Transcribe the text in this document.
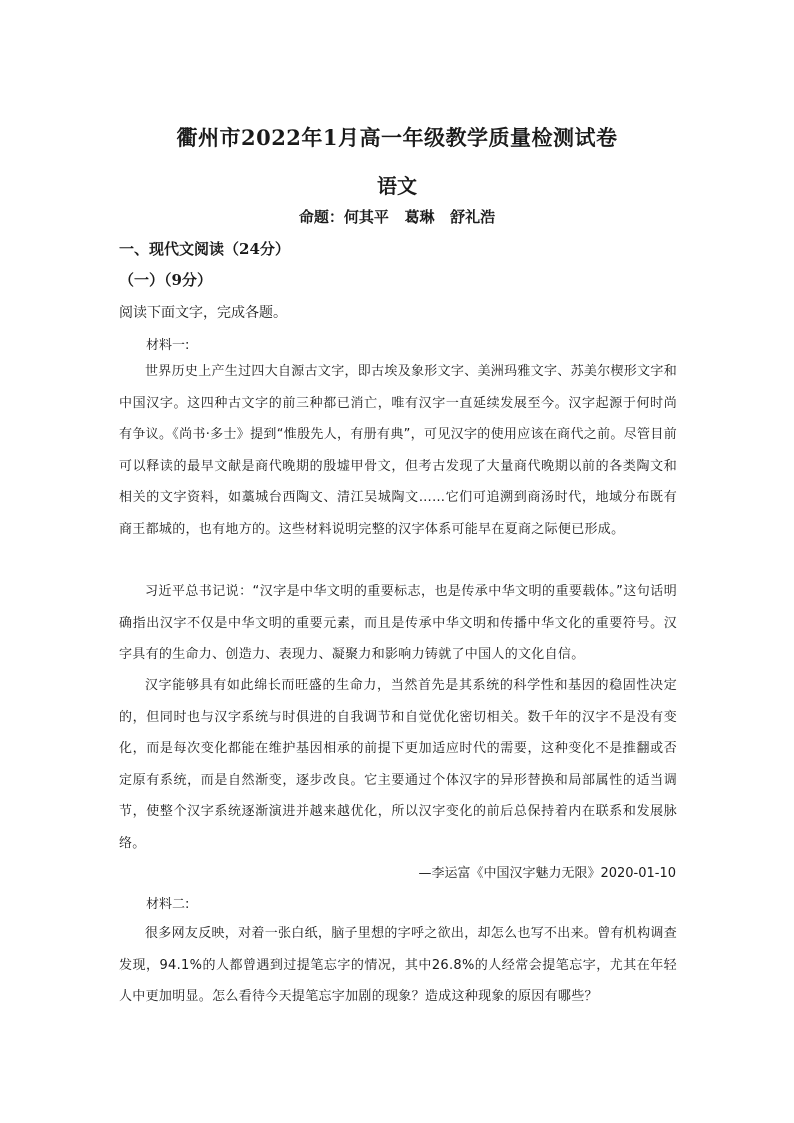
衢州市2022年1月高一年级教学质量检测试卷
语文
命题：何其平   葛琳   舒礼浩
一、现代文阅读（24分）
（一）（9分）
阅读下面文字，完成各题。
材料一:

世界历史上产生过四大自源古文字，即古埃及象形文字、美洲玛雅文字、苏美尔楔形文字和中国汉字。这四种古文字的前三种都已消亡，唯有汉字一直延续发展至今。汉字起源于何时尚有争议。《尚书·多士》提到“惟殷先人，有册有典”，可见汉字的使用应该在商代之前。尽管目前可以释读的最早文献是商代晚期的殷墟甲骨文，但考古发现了大量商代晚期以前的各类陶文和相关的文字资料，如藁城台西陶文、清江吴城陶文……它们可追溯到商汤时代，地域分布既有商王都城的，也有地方的。这些材料说明完整的汉字体系可能早在夏商之际便已形成。

习近平总书记说：“汉字是中华文明的重要标志，也是传承中华文明的重要载体。”这句话明确指出汉字不仅是中华文明的重要元素，而且是传承中华文明和传播中华文化的重要符号。汉字具有的生命力、创造力、表现力、凝聚力和影响力铸就了中国人的文化自信。

汉字能够具有如此绵长而旺盛的生命力，当然首先是其系统的科学性和基因的稳固性决定的，但同时也与汉字系统与时俱进的自我调节和自觉优化密切相关。数千年的汉字不是没有变化，而是每次变化都能在维护基因相承的前提下更加适应时代的需要，这种变化不是推翻或否定原有系统，而是自然渐变，逐步改良。它主要通过个体汉字的异形替换和局部属性的适当调节，使整个汉字系统逐渐演进并越来越优化，所以汉字变化的前后总保持着内在联系和发展脉络。

—李运富《中国汉字魅力无限》2020-01-10
材料二:

很多网友反映，对着一张白纸，脑子里想的字呼之欲出，却怎么也写不出来。曾有机构调查发现，94.1%的人都曾遇到过提笔忘字的情况，其中26.8%的人经常会提笔忘字，尤其在年轻人中更加明显。怎么看待今天提笔忘字加剧的现象？造成这种现象的原因有哪些？
